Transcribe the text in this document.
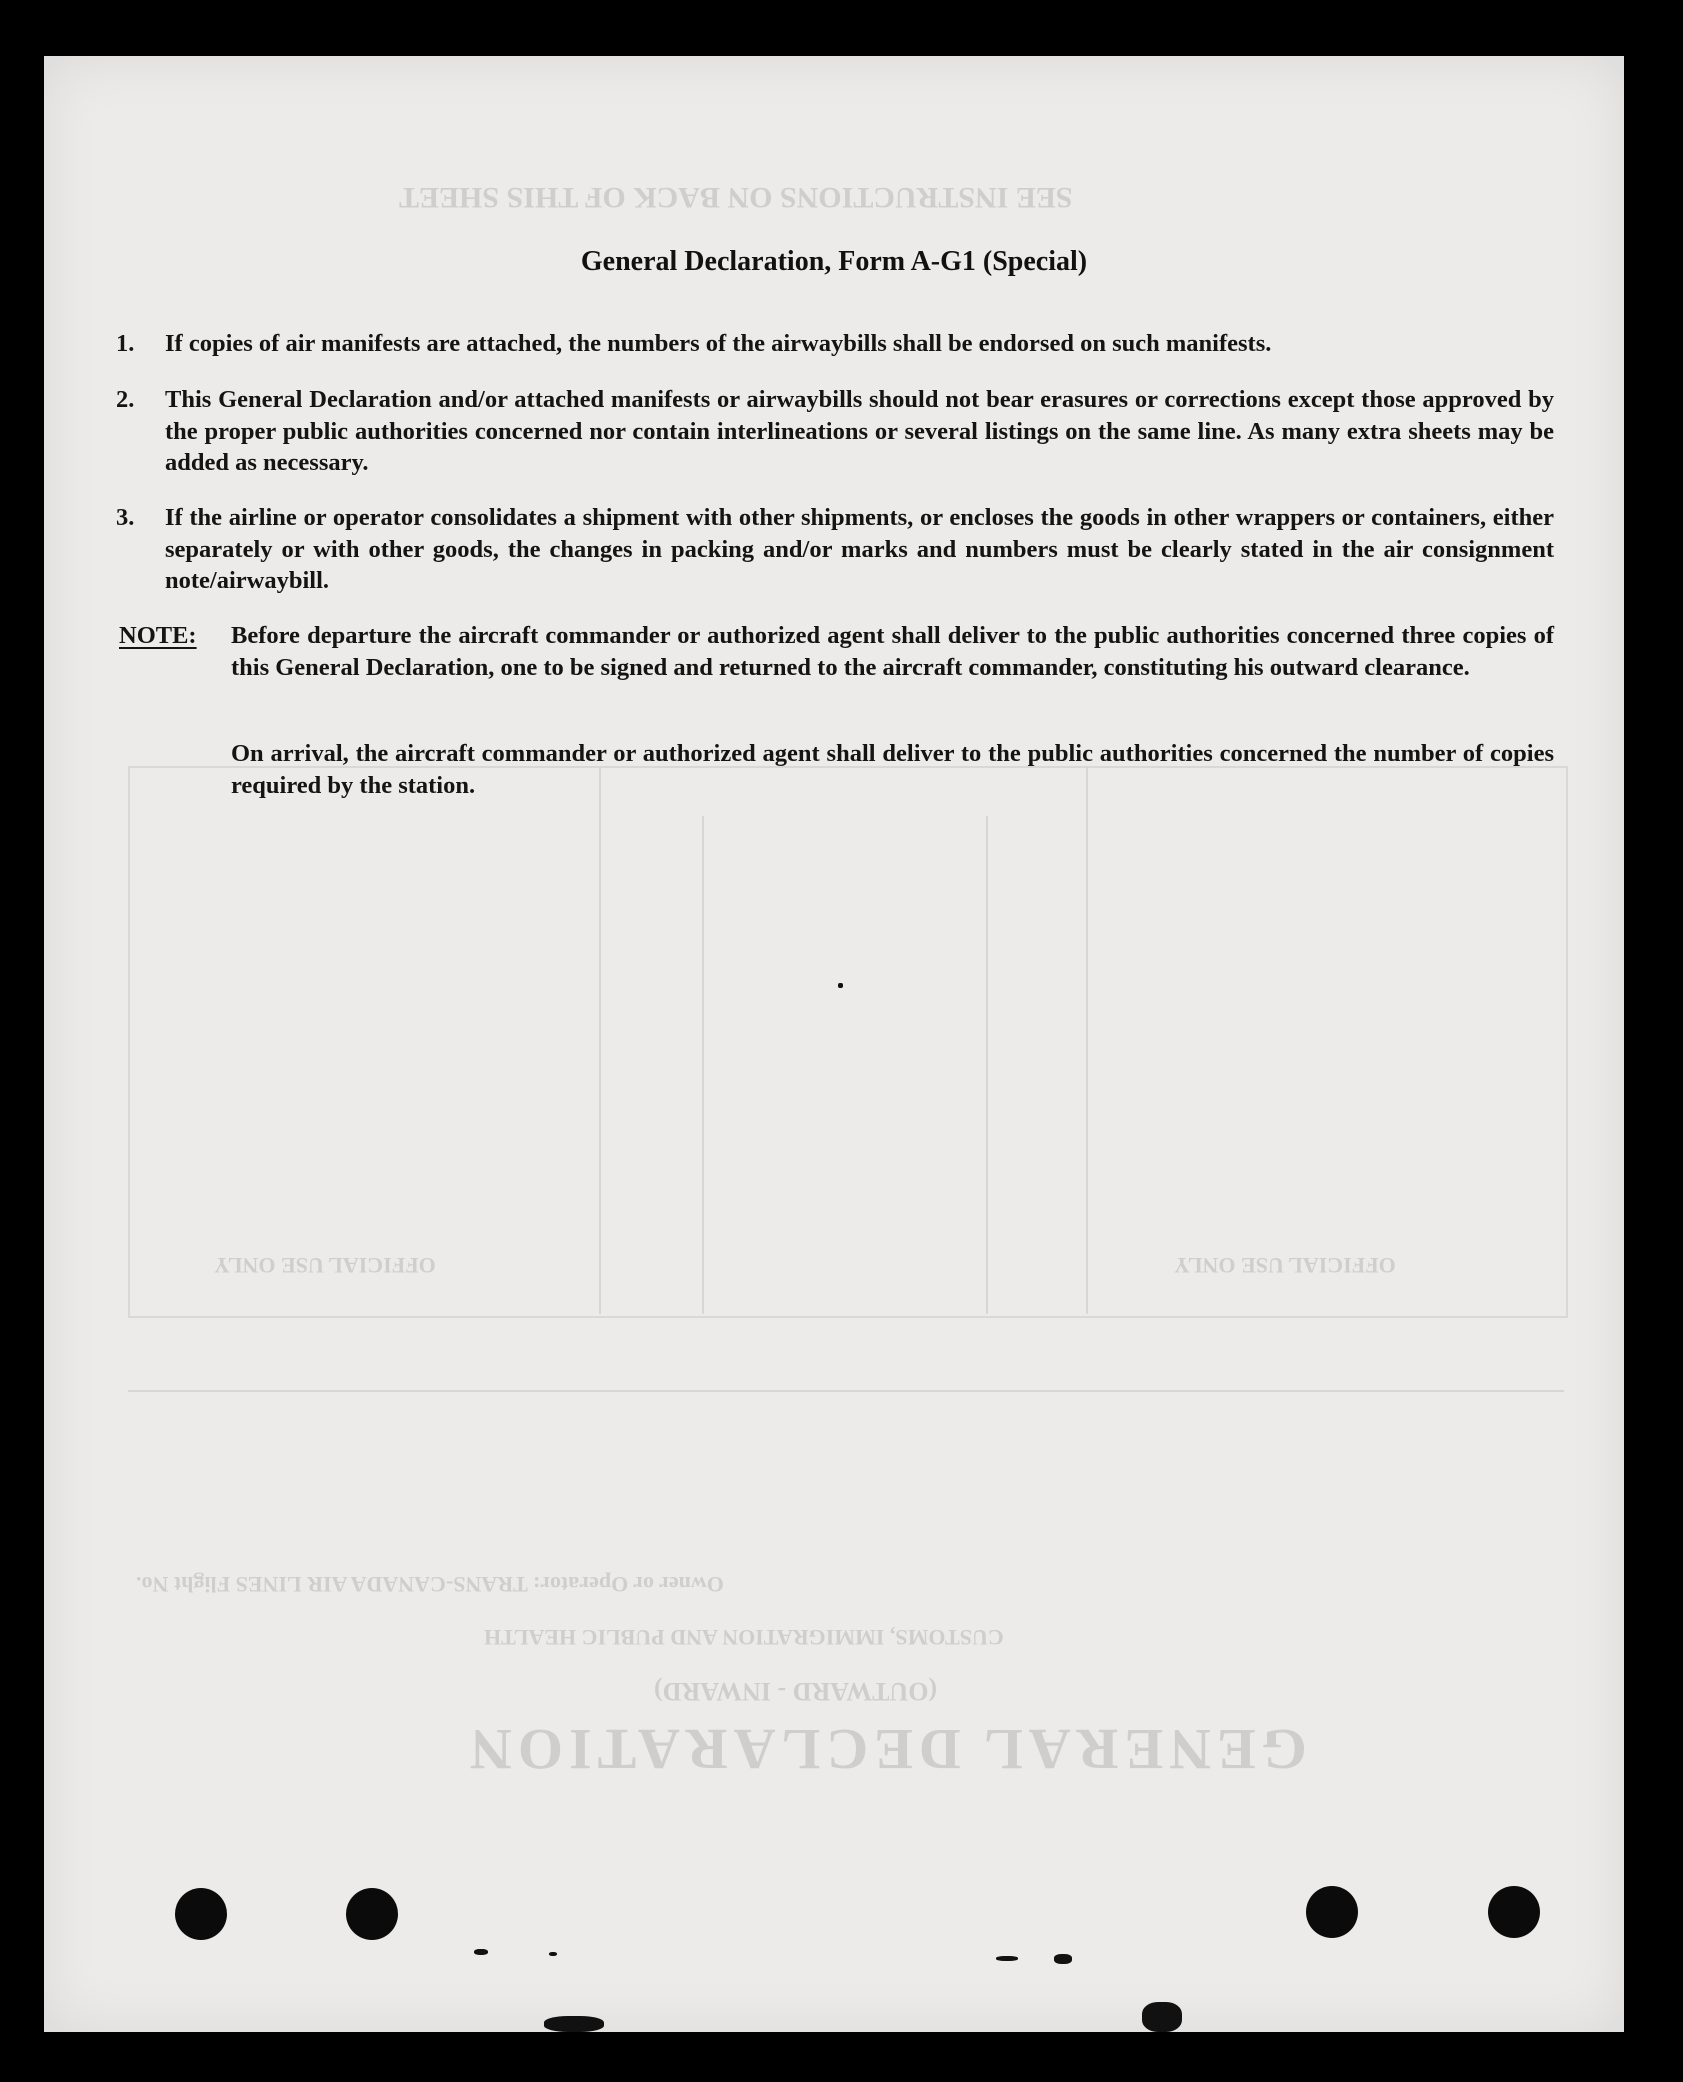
SEE INSTRUCTIONS ON BACK OF THIS SHEET
GENERAL DECLARATION
(OUTWARD - INWARD)
CUSTOMS, IMMIGRATION AND PUBLIC HEALTH
Owner or Operator: TRANS-CANADA AIR LINES Flight No.
OFFICIAL USE ONLY	OFFICIAL USE ONLY
General Declaration, Form A-G1 (Special)
1.	If copies of air manifests are attached, the numbers of the airwaybills shall be endorsed on such manifests.
2.	This General Declaration and/or attached manifests or airwaybills should not bear erasures or corrections except those approved by the proper public authorities concerned nor contain interlineations or several listings on the same line. As many extra sheets may be added as necessary.
3.	If the airline or operator consolidates a shipment with other shipments, or encloses the goods in other wrappers or containers, either separately or with other goods, the changes in packing and/or marks and numbers must be clearly stated in the air consignment note/airwaybill.
NOTE: Before departure the aircraft commander or authorized agent shall deliver to the public authorities concerned three copies of this General Declaration, one to be signed and returned to the aircraft commander, constituting his outward clearance.
On arrival, the aircraft commander or authorized agent shall deliver to the public authorities concerned the number of copies required by the station.
